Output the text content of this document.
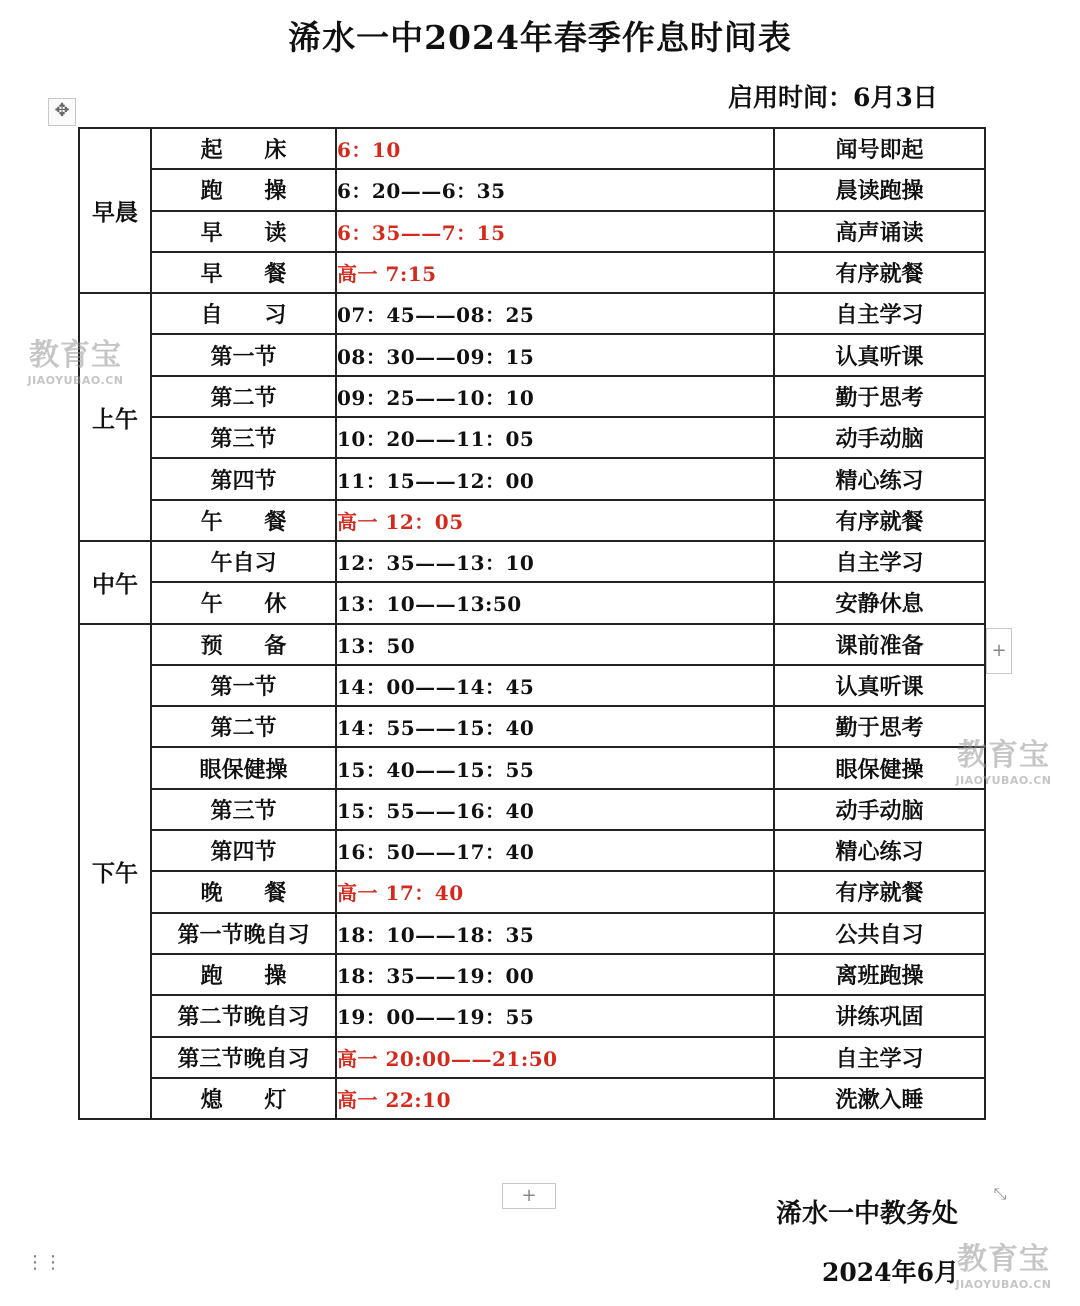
浠水一中2024年春季作息时间表
启用时间：6月3日
✥
早晨	起 床	6：10	闻号即起
	跑 操	6：20——6：35	晨读跑操
	早 读	6：35——7：15	高声诵读
	早 餐	高一 7:15	有序就餐
上午	自 习	07：45——08：25	自主学习
	第一节	08：30——09：15	认真听课
	第二节	09：25——10：10	勤于思考
	第三节	10：20——11：05	动手动脑
	第四节	11：15——12：00	精心练习
	午 餐	高一 12：05	有序就餐
中午	午自习	12：35——13：10	自主学习
	午 休	13：10——13:50	安静休息
下午	预 备	13：50	课前准备
	第一节	14：00——14：45	认真听课
	第二节	14：55——15：40	勤于思考
	眼保健操	15：40——15：55	眼保健操
	第三节	15：55——16：40	动手动脑
	第四节	16：50——17：40	精心练习
	晚 餐	高一 17：40	有序就餐
	第一节晚自习	18：10——18：35	公共自习
	跑 操	18：35——19：00	离班跑操
	第二节晚自习	19：00——19：55	讲练巩固
	第三节晚自习	高一 20:00——21:50	自主学习
	熄 灯	高一 22:10	洗漱入睡
+
+	⤡
浠水一中教务处
2024年6月
⋮⋮
教育宝
JIAOYUBAO.CN
教育宝
JIAOYUBAO.CN
教育宝
JIAOYUBAO.CN
